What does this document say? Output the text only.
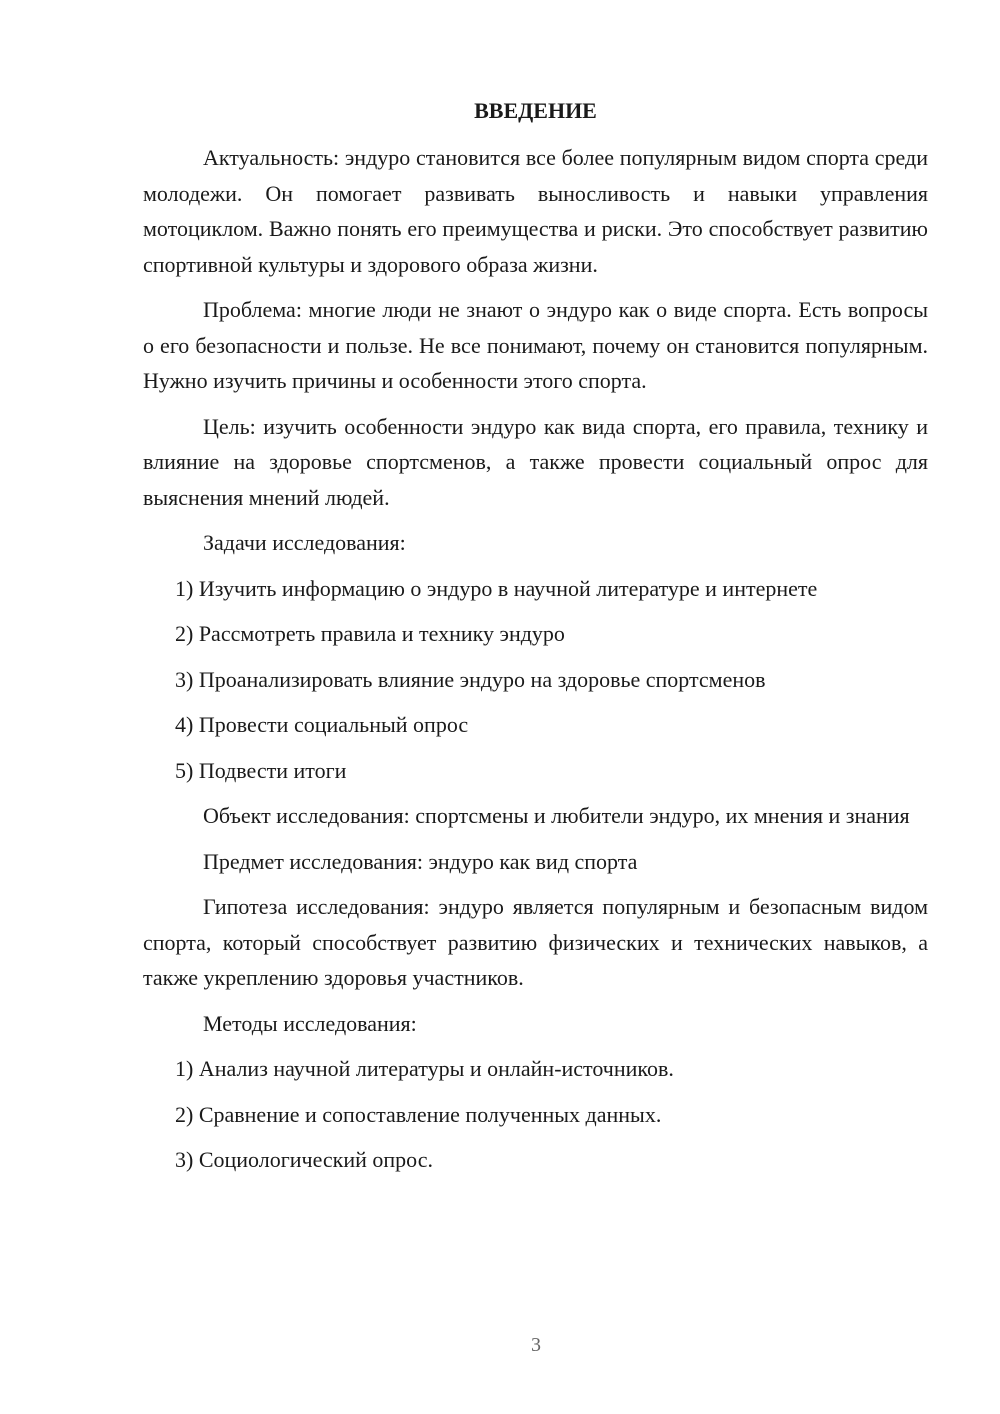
ВВЕДЕНИЕ

Актуальность: эндуро становится все более популярным видом спорта среди молодежи. Он помогает развивать выносливость и навыки управления мотоциклом. Важно понять его преимущества и риски. Это способствует развитию спортивной культуры и здорового образа жизни.

Проблема: многие люди не знают о эндуро как о виде спорта. Есть вопросы о его безопасности и пользе. Не все понимают, почему он становится популярным. Нужно изучить причины и особенности этого спорта.

Цель: изучить особенности эндуро как вида спорта, его правила, технику и влияние на здоровье спортсменов, а также провести социальный опрос для выяснения мнений людей.

Задачи исследования:
1) Изучить информацию о эндуро в научной литературе и интернете
2) Рассмотреть правила и технику эндуро
3) Проанализировать влияние эндуро на здоровье спортсменов
4) Провести социальный опрос
5) Подвести итоги

Объект исследования: спортсмены и любители эндуро, их мнения и знания

Предмет исследования: эндуро как вид спорта

Гипотеза исследования: эндуро является популярным и безопасным видом спорта, который способствует развитию физических и технических навыков, а также укреплению здоровья участников.

Методы исследования:
1) Анализ научной литературы и онлайн-источников.
2) Сравнение и сопоставление полученных данных.
3) Социологический опрос.
3
